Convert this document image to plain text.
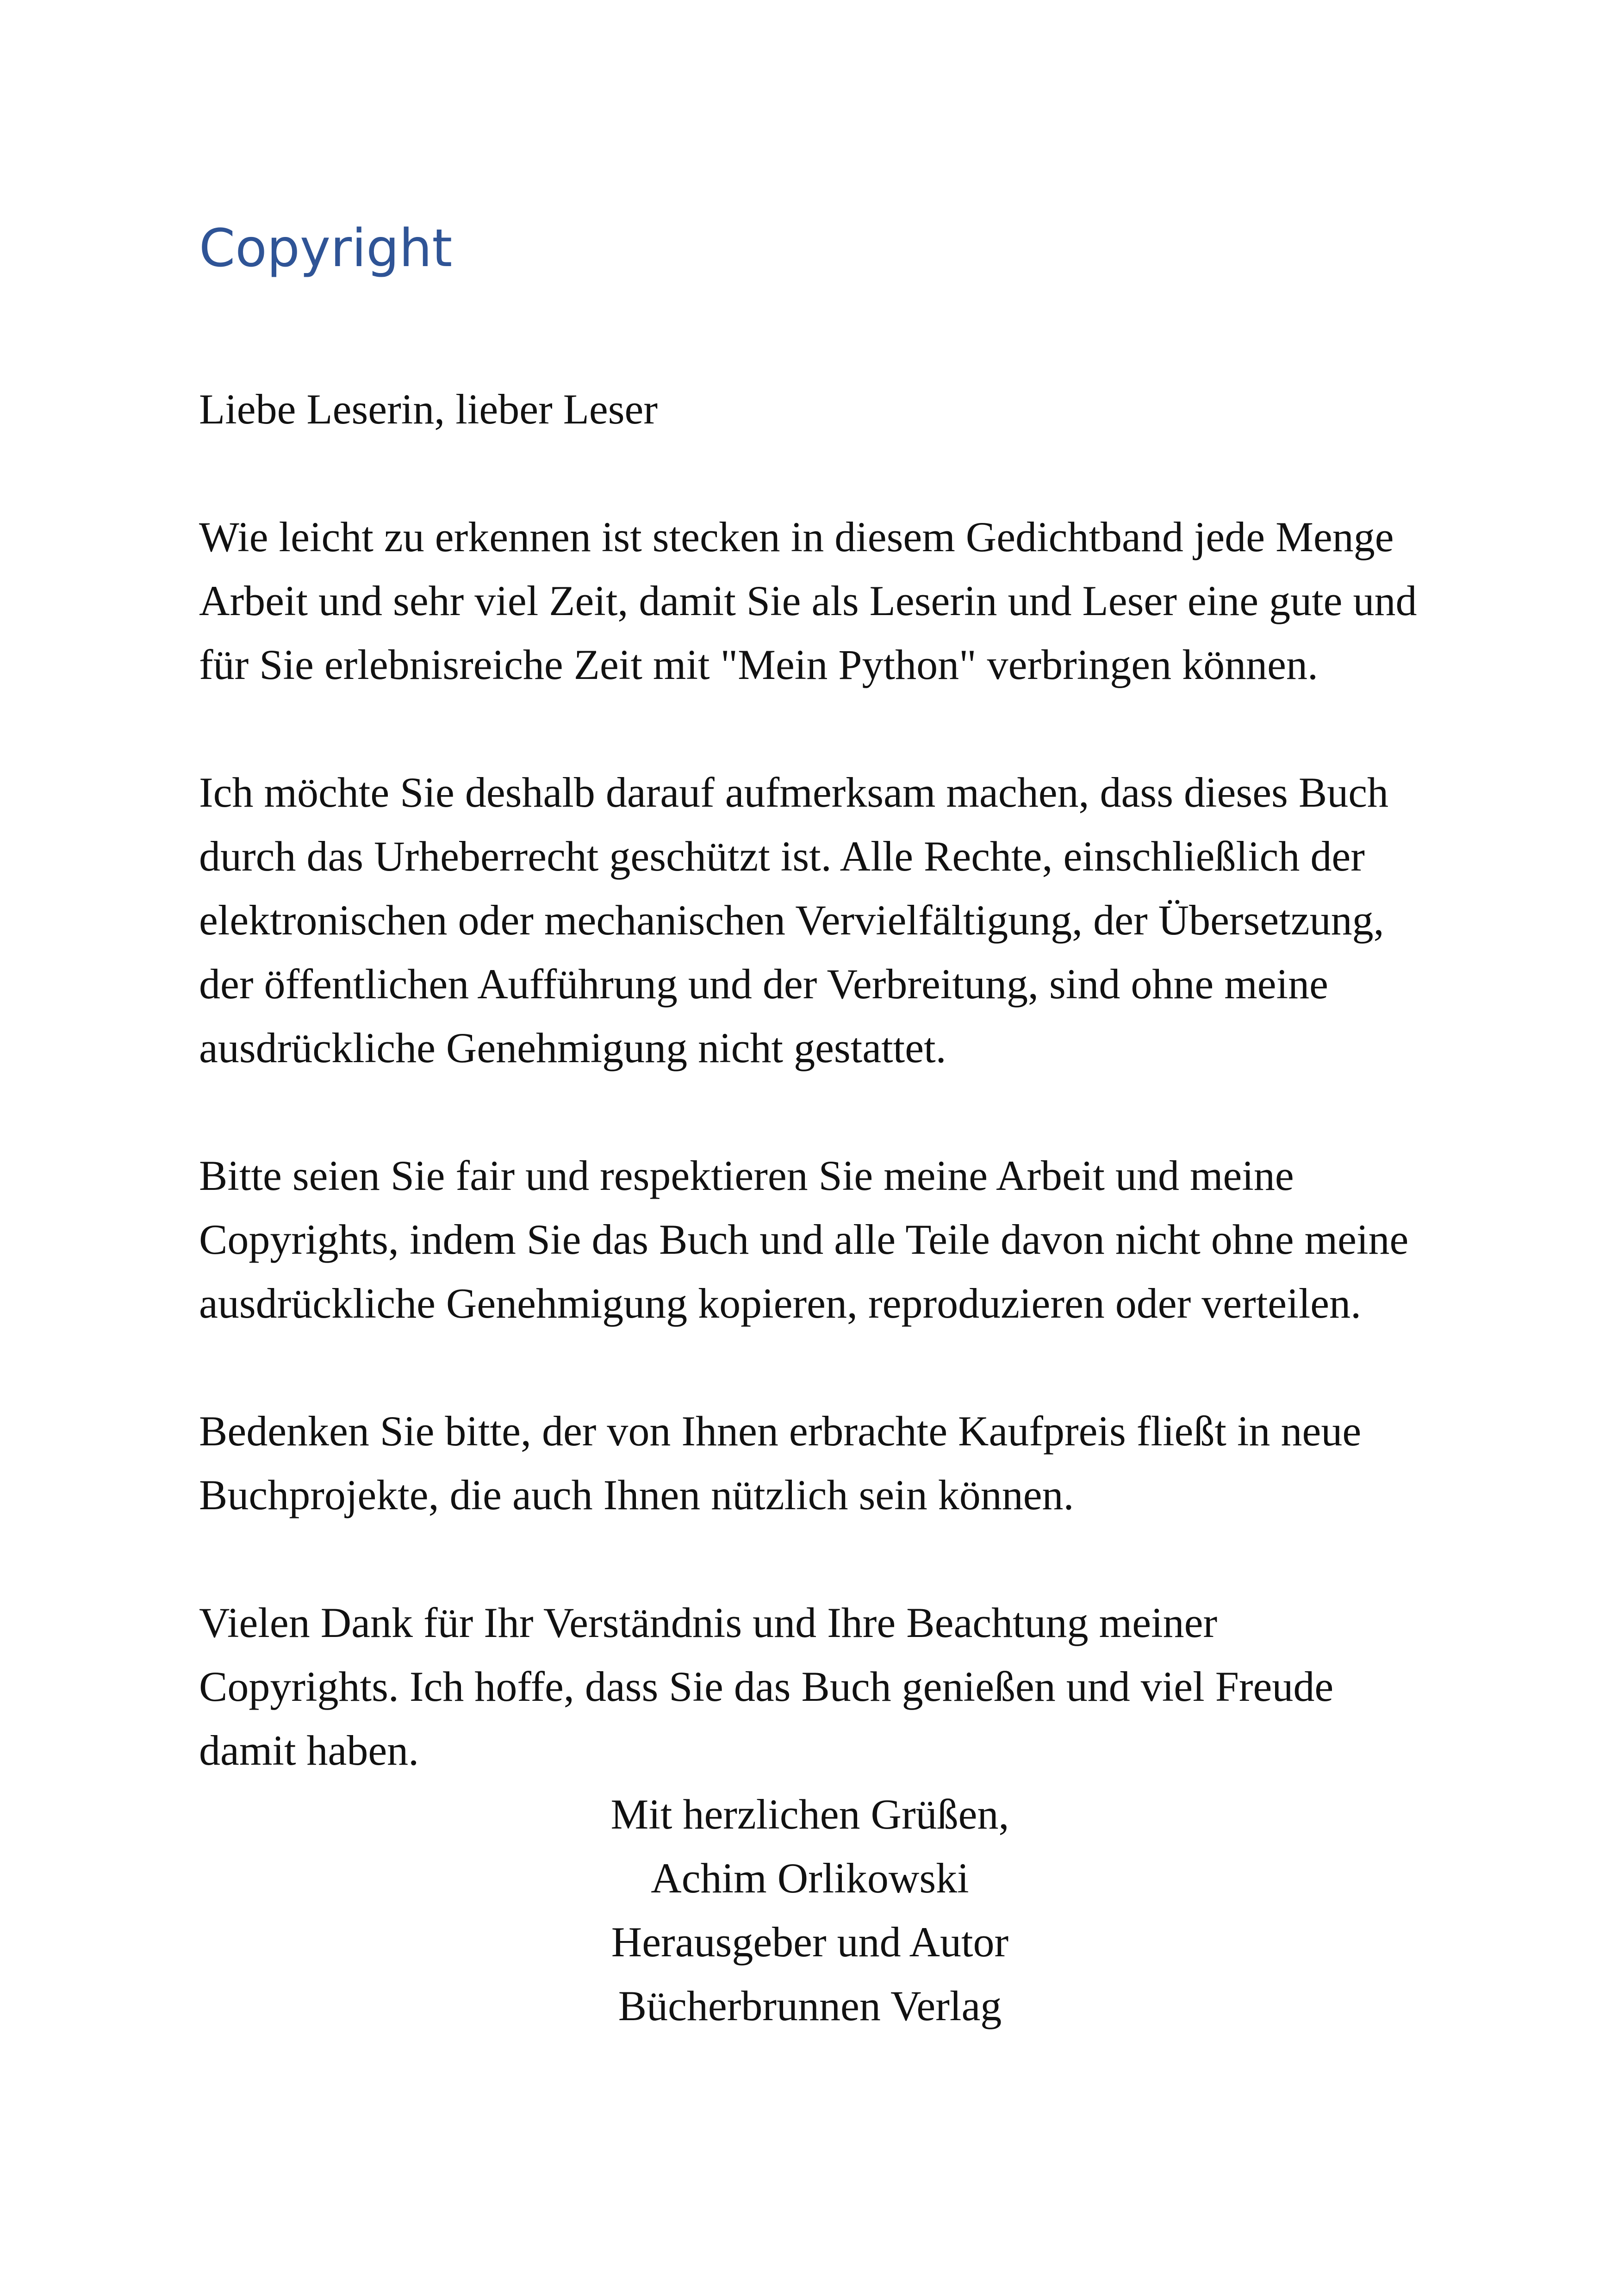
Copyright

Liebe Leserin, lieber Leser

Wie leicht zu erkennen ist stecken in diesem Gedichtband jede Menge Arbeit und sehr viel Zeit, damit Sie als Leserin und Leser eine gute und für Sie erlebnisreiche Zeit mit "Mein Python" verbringen können.

Ich möchte Sie deshalb darauf aufmerksam machen, dass dieses Buch durch das Urheberrecht geschützt ist. Alle Rechte, einschließlich der elektronischen oder mechanischen Vervielfältigung, der Übersetzung, der öffentlichen Aufführung und der Verbreitung, sind ohne meine ausdrückliche Genehmigung nicht gestattet.

Bitte seien Sie fair und respektieren Sie meine Arbeit und meine Copyrights, indem Sie das Buch und alle Teile davon nicht ohne meine ausdrückliche Genehmigung kopieren, reproduzieren oder verteilen.

Bedenken Sie bitte, der von Ihnen erbrachte Kaufpreis fließt in neue Buchprojekte, die auch Ihnen nützlich sein können.

Vielen Dank für Ihr Verständnis und Ihre Beachtung meiner Copyrights. Ich hoffe, dass Sie das Buch genießen und viel Freude damit haben.

Mit herzlichen Grüßen,
Achim Orlikowski
Herausgeber und Autor
Bücherbrunnen Verlag
